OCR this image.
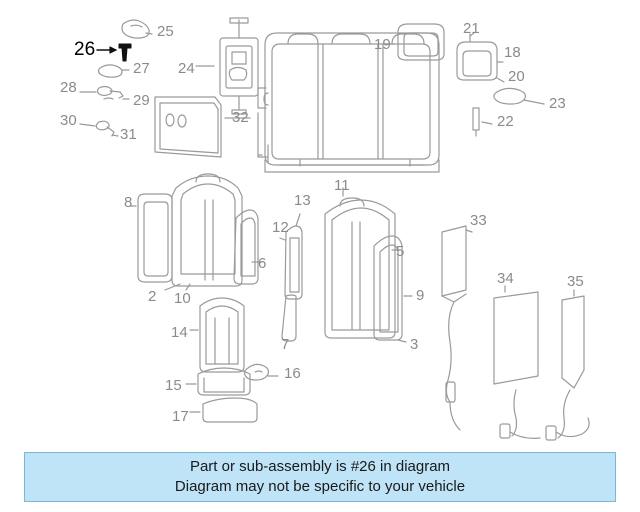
25
26
27
28
29
30
31
24
32
19
21
18
20
23
22
8	13
11
12	33
5
34	35
6
9
2 10
14
7	3
16
15
17
Part or sub-assembly is #26 in diagram
Diagram may not be specific to your vehicle
